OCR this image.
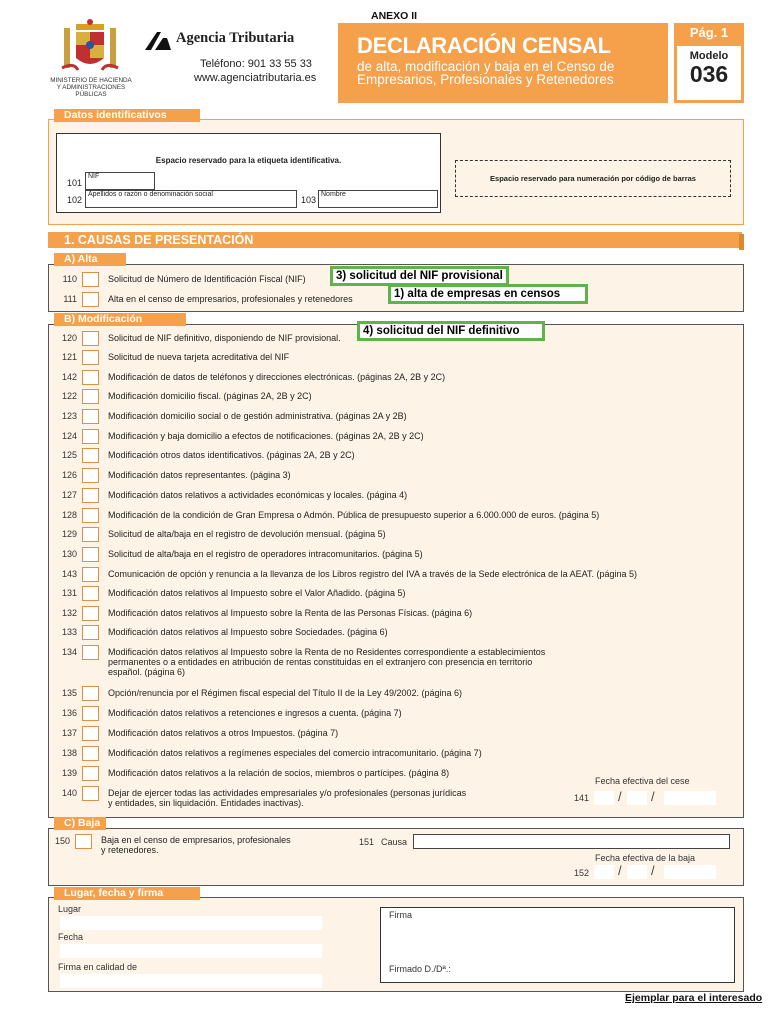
MINISTERIO DE HACIENDA
Y ADMINISTRACIONES
PÚBLICAS
Agencia Tributaria
Teléfono: 901 33 55 33
www.agenciatributaria.es
ANEXO II
DECLARACIÓN CENSAL
de alta, modificación y baja en el Censo de
Empresarios, Profesionales y Retenedores
Pág. 1
Modelo
036
Datos identificativos
Espacio reservado para la etiqueta identificativa.
101
NIF
102
Apellidos o razón o denominación social
103
Nombre
Espacio reservado para numeración por código de barras
1. CAUSAS DE PRESENTACIÓN
A) Alta
110	Solicitud de Número de Identificación Fiscal (NIF)
111	Alta en el censo de empresarios, profesionales y retenedores
B) Modificación
120	Solicitud de NIF definitivo, disponiendo de NIF provisional.
121	Solicitud de nueva tarjeta acreditativa del NIF
142	Modificación de datos de teléfonos y direcciones electrónicas. (páginas 2A, 2B y 2C)
122	Modificación domicilio fiscal. (páginas 2A, 2B y 2C)
123	Modificación domicilio social o de gestión administrativa. (páginas 2A y 2B)
124	Modificación y baja domicilio a efectos de notificaciones. (páginas 2A, 2B y 2C)
125	Modificación otros datos identificativos. (páginas 2A, 2B y 2C)
126	Modificación datos representantes. (página 3)
127	Modificación datos relativos a actividades económicas y locales. (página 4)
128	Modificación de la condición de Gran Empresa o Admón. Pública de presupuesto superior a 6.000.000 de euros. (página 5)
129	Solicitud de alta/baja en el registro de devolución mensual. (página 5)
130	Solicitud de alta/baja en el registro de operadores intracomunitarios. (página 5)
143	Comunicación de opción y renuncia a la llevanza de los Libros registro del IVA a través de la Sede electrónica de la AEAT. (página 5)
131	Modificación datos relativos al Impuesto sobre el Valor Añadido. (página 5)
132	Modificación datos relativos al Impuesto sobre la Renta de las Personas Físicas. (página 6)
133	Modificación datos relativos al Impuesto sobre Sociedades. (página 6)
134	Modificación datos relativos al Impuesto sobre la Renta de no Residentes correspondiente a establecimientos
permanentes o a entidades en atribución de rentas constituidas en el extranjero con presencia en territorio
español. (página 6)
135	Opción/renuncia por el Régimen fiscal especial del Título II de la Ley 49/2002. (página 6)
136	Modificación datos relativos a retenciones e ingresos a cuenta. (página 7)
137	Modificación datos relativos a otros Impuestos. (página 7)
138	Modificación datos relativos a regímenes especiales del comercio intracomunitario. (página 7)
139	Modificación datos relativos a la relación de socios, miembros o partícipes. (página 8)
140	Dejar de ejercer todas las actividades empresariales y/o profesionales (personas jurídicas
y entidades, sin liquidación. Entidades inactivas).
Fecha efectiva del cese
141 / /
C) Baja
150	Baja en el censo de empresarios, profesionales
y retenedores.
151 Causa
Fecha efectiva de la baja
152 / /
Lugar, fecha y firma
Lugar
Fecha
Firma en calidad de
Firma
Firmado D./Dª.:
Ejemplar para el interesado
3) solicitud del NIF provisional
1) alta de empresas en censos
4) solicitud del NIF definitivo
